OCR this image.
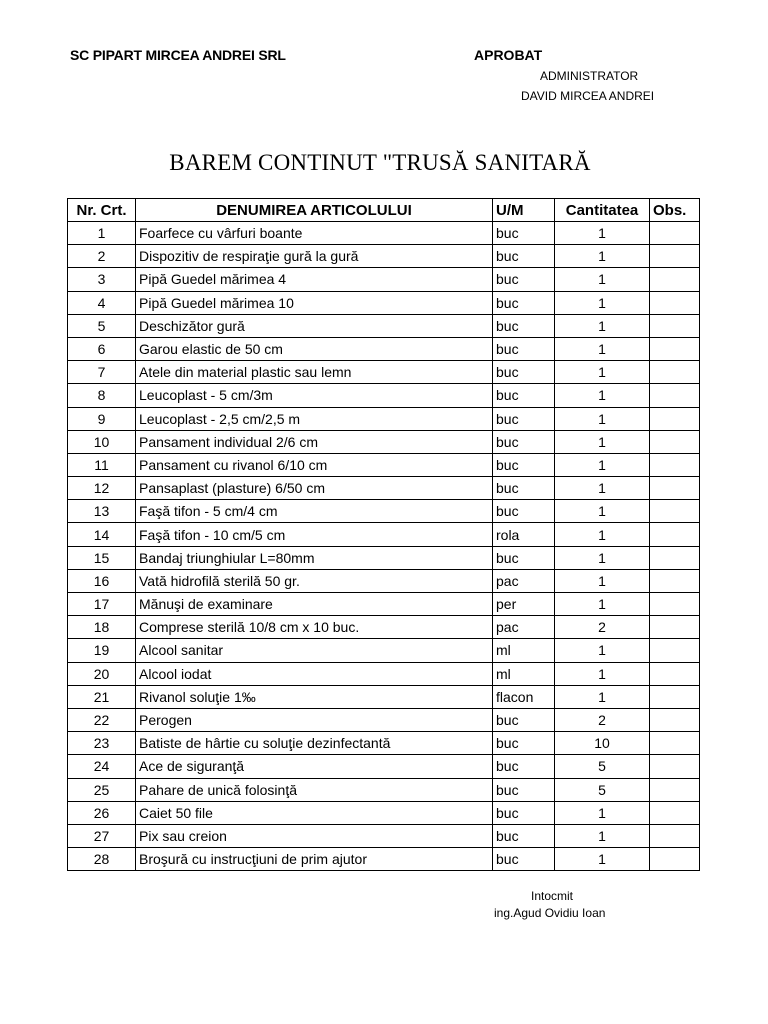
SC PIPART MIRCEA ANDREI SRL	APROBAT
ADMINISTRATOR
DAVID MIRCEA ANDREI
BAREM CONTINUT "TRUSĂ SANITARĂ
Nr. Crt.	DENUMIREA ARTICOLULUI	U/M	Cantitatea	Obs.
1	Foarfece cu vârfuri boante	buc	1	
2	Dispozitiv de respiraţie gură la gură	buc	1	
3	Pipă Guedel mărimea 4	buc	1	
4	Pipă Guedel mărimea 10	buc	1	
5	Deschizător gură	buc	1	
6	Garou elastic de 50 cm	buc	1	
7	Atele din material plastic sau lemn	buc	1	
8	Leucoplast - 5 cm/3m	buc	1	
9	Leucoplast - 2,5 cm/2,5 m	buc	1	
10	Pansament individual 2/6 cm	buc	1	
11	Pansament cu rivanol 6/10 cm	buc	1	
12	Pansaplast (plasture) 6/50 cm	buc	1	
13	Faşă tifon - 5 cm/4 cm	buc	1	
14	Faşă tifon - 10 cm/5 cm	rola	1	
15	Bandaj triunghiular L=80mm	buc	1	
16	Vată hidrofilă sterilă 50 gr.	pac	1	
17	Mănuşi de examinare	per	1	
18	Comprese sterilă 10/8 cm x 10 buc.	pac	2	
19	Alcool sanitar	ml	1	
20	Alcool iodat	ml	1	
21	Rivanol soluţie 1‰	flacon	1	
22	Perogen	buc	2	
23	Batiste de hârtie cu soluţie dezinfectantă	buc	10	
24	Ace de siguranţă	buc	5	
25	Pahare de unică folosinţă	buc	5	
26	Caiet 50 file	buc	1	
27	Pix sau creion	buc	1	
28	Broşură cu instrucţiuni de prim ajutor	buc	1	
Intocmit
ing.Agud Ovidiu Ioan
